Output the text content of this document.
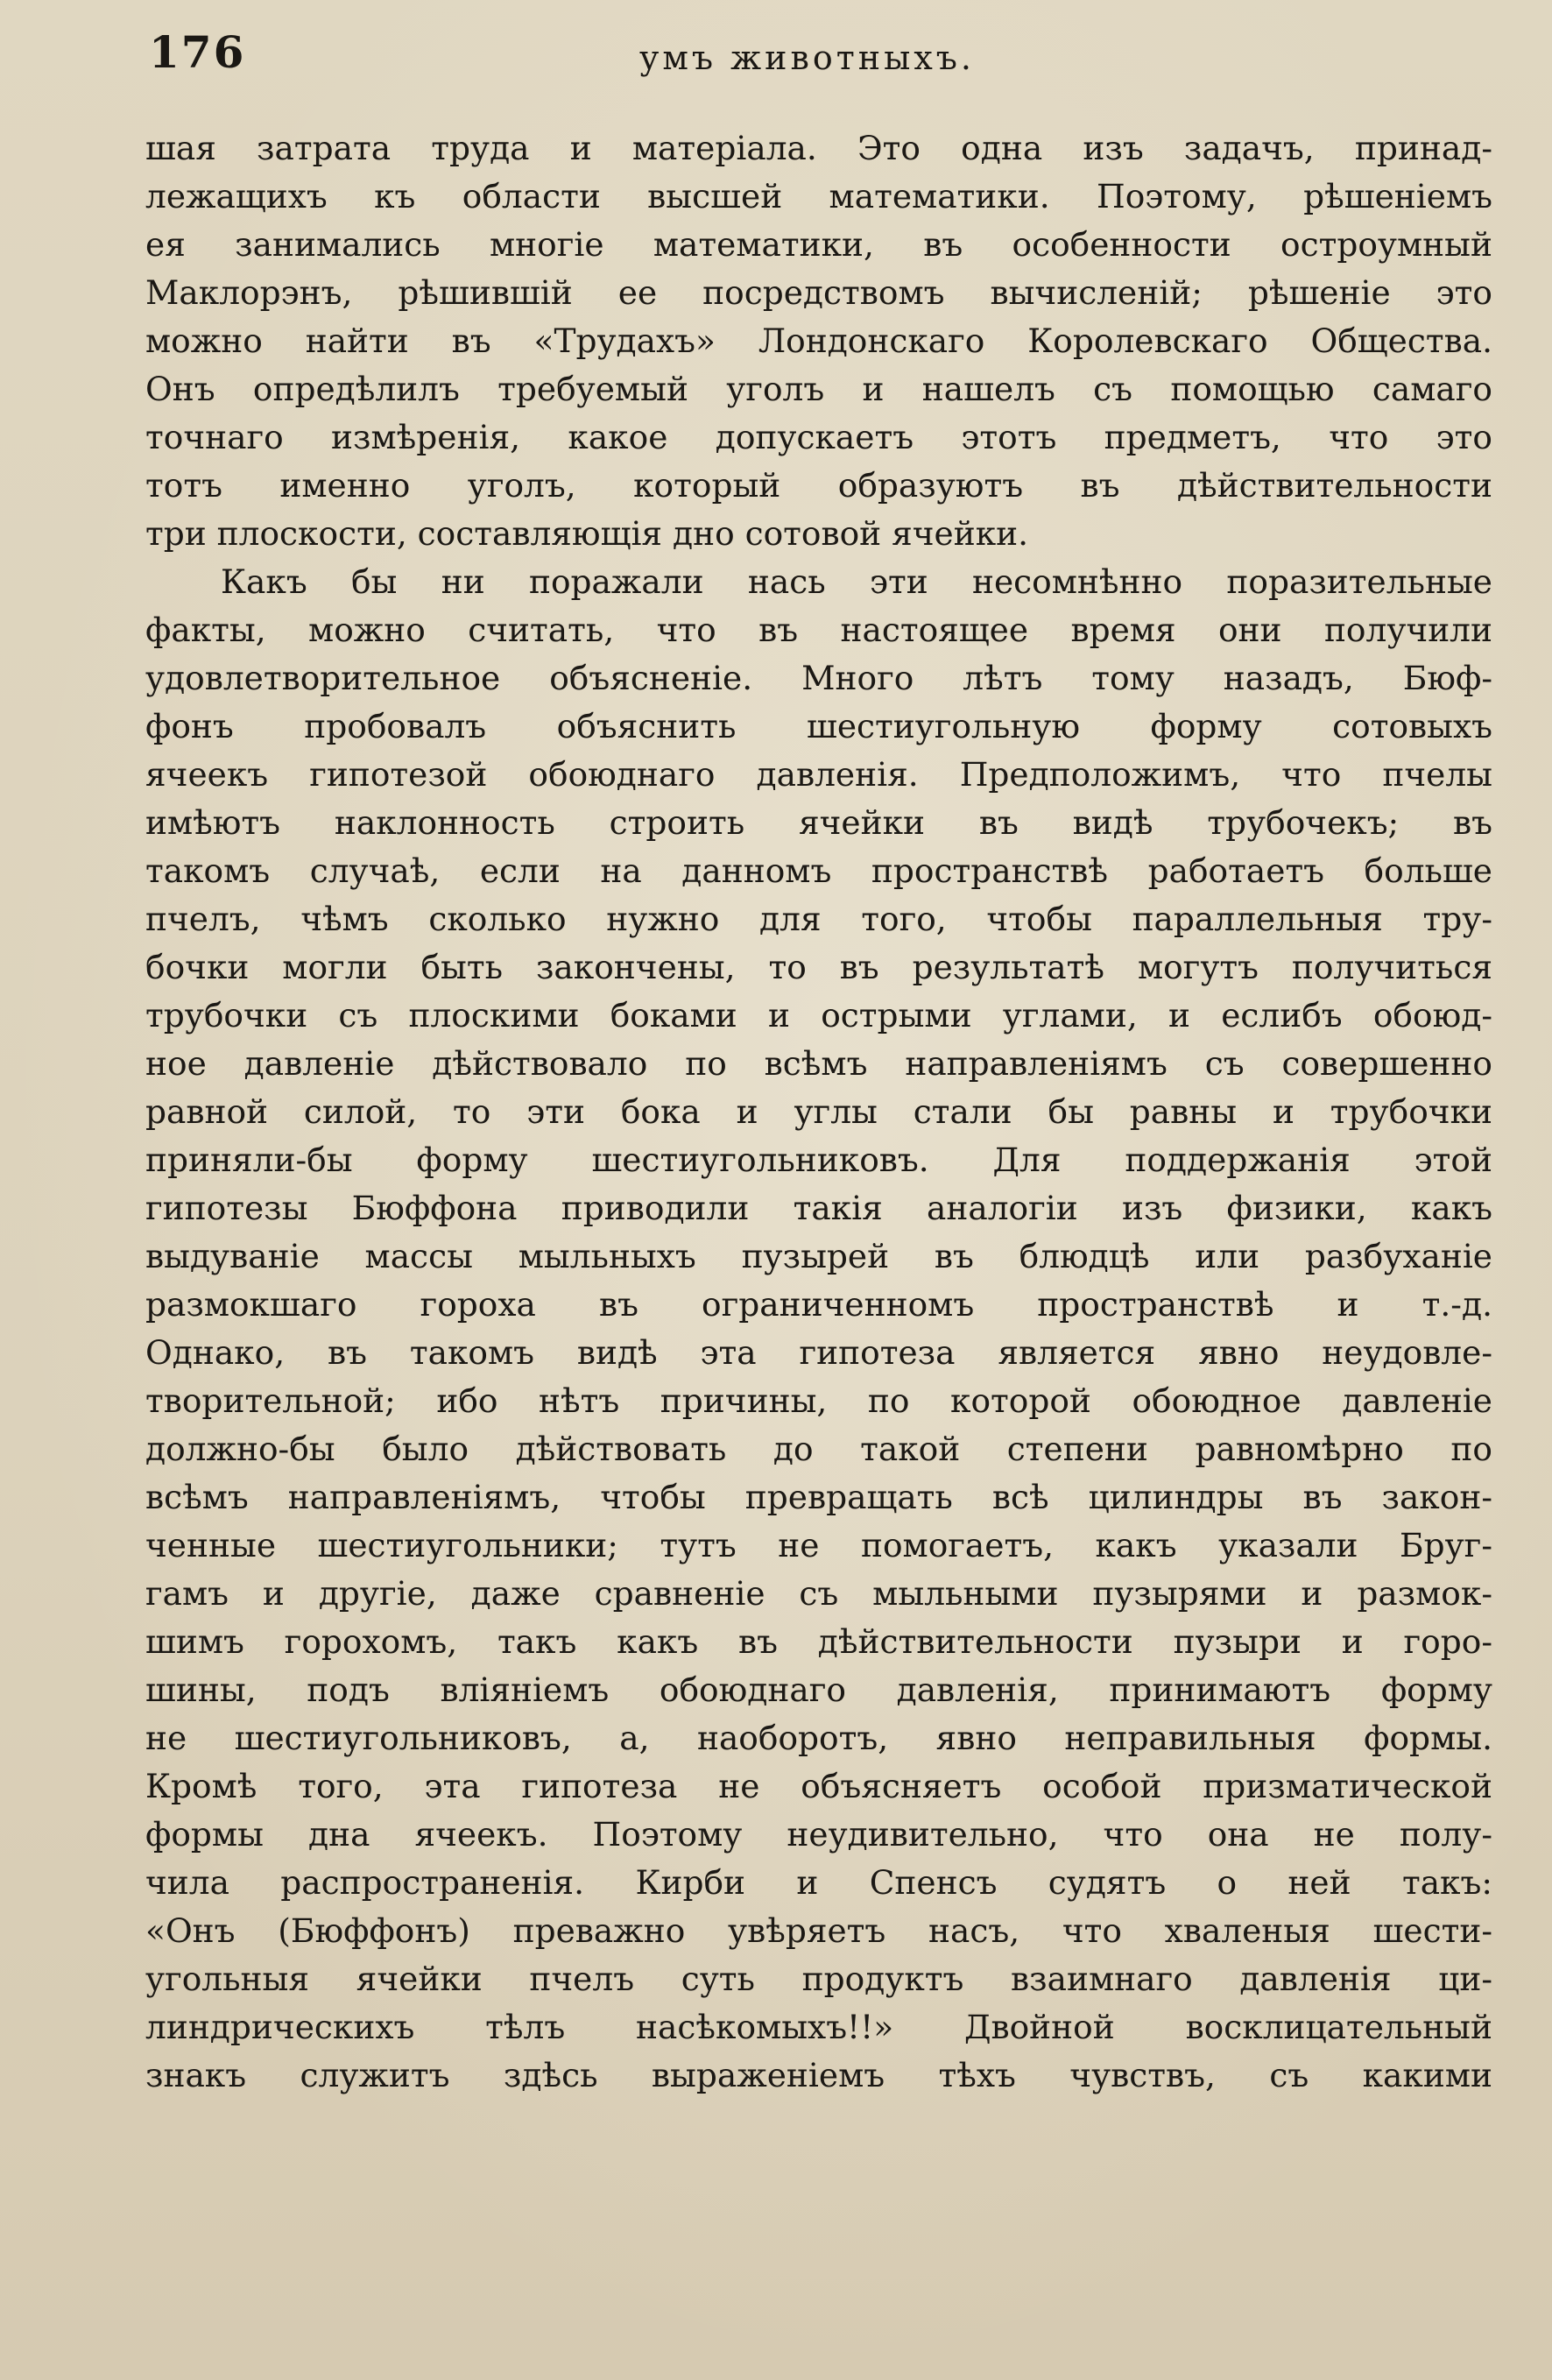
176	умъ животныхъ.
шая затрата труда и матеріала. Это одна изъ задачъ, принад-
лежащихъ къ области высшей математики. Поэтому, рѣшеніемъ
ея занимались многіе математики, въ особенности остроумный
Маклорэнъ, рѣшившій ее посредствомъ вычисленій; рѣшеніе это
можно найти въ «Трудахъ» Лондонскаго Королевскаго Общества.
Онъ опредѣлилъ требуемый уголъ и нашелъ съ помощью самаго
точнаго измѣренія, какое допускаетъ этотъ предметъ, что это
тотъ именно уголъ, который образуютъ въ дѣйствительности
три плоскости, составляющія дно сотовой ячейки.
Какъ бы ни поражали нась эти несомнѣнно поразительные
факты, можно считать, что въ настоящее время они получили
удовлетворительное объясненіе. Много лѣтъ тому назадъ, Бюф-
фонъ пробовалъ объяснить шестиугольную форму сотовыхъ
ячеекъ гипотезой обоюднаго давленія. Предположимъ, что пчелы
имѣютъ наклонность строить ячейки въ видѣ трубочекъ; въ
такомъ случаѣ, если на данномъ пространствѣ работаетъ больше
пчелъ, чѣмъ сколько нужно для того, чтобы параллельныя тру-
бочки могли быть закончены, то въ результатѣ могутъ получиться
трубочки съ плоскими боками и острыми углами, и еслибъ обоюд-
ное давленіе дѣйствовало по всѣмъ направленіямъ съ совершенно
равной силой, то эти бока и углы стали бы равны и трубочки
приняли-бы форму шестиугольниковъ. Для поддержанія этой
гипотезы Бюффона приводили такія аналогіи изъ физики, какъ
выдуваніе массы мыльныхъ пузырей въ блюдцѣ или разбуханіе
размокшаго гороха въ ограниченномъ пространствѣ и т.-д.
Однако, въ такомъ видѣ эта гипотеза является явно неудовле-
творительной; ибо нѣтъ причины, по которой обоюдное давленіе
должно-бы было дѣйствовать до такой степени равномѣрно по
всѣмъ направленіямъ, чтобы превращать всѣ цилиндры въ закон-
ченные шестиугольники; тутъ не помогаетъ, какъ указали Бруг-
гамъ и другіе, даже сравненіе съ мыльными пузырями и размок-
шимъ горохомъ, такъ какъ въ дѣйствительности пузыри и горо-
шины, подъ вліяніемъ обоюднаго давленія, принимаютъ форму
не шестиугольниковъ, а, наоборотъ, явно неправильныя формы.
Кромѣ того, эта гипотеза не объясняетъ особой призматической
формы дна ячеекъ. Поэтому неудивительно, что она не полу-
чила распространенія. Кирби и Спенсъ судятъ о ней такъ:
«Онъ (Бюффонъ) преважно увѣряетъ насъ, что хваленыя шести-
угольныя ячейки пчелъ суть продуктъ взаимнаго давленія ци-
линдрическихъ тѣлъ насѣкомыхъ!!» Двойной восклицательный
знакъ служитъ здѣсь выраженіемъ тѣхъ чувствъ, съ какими
